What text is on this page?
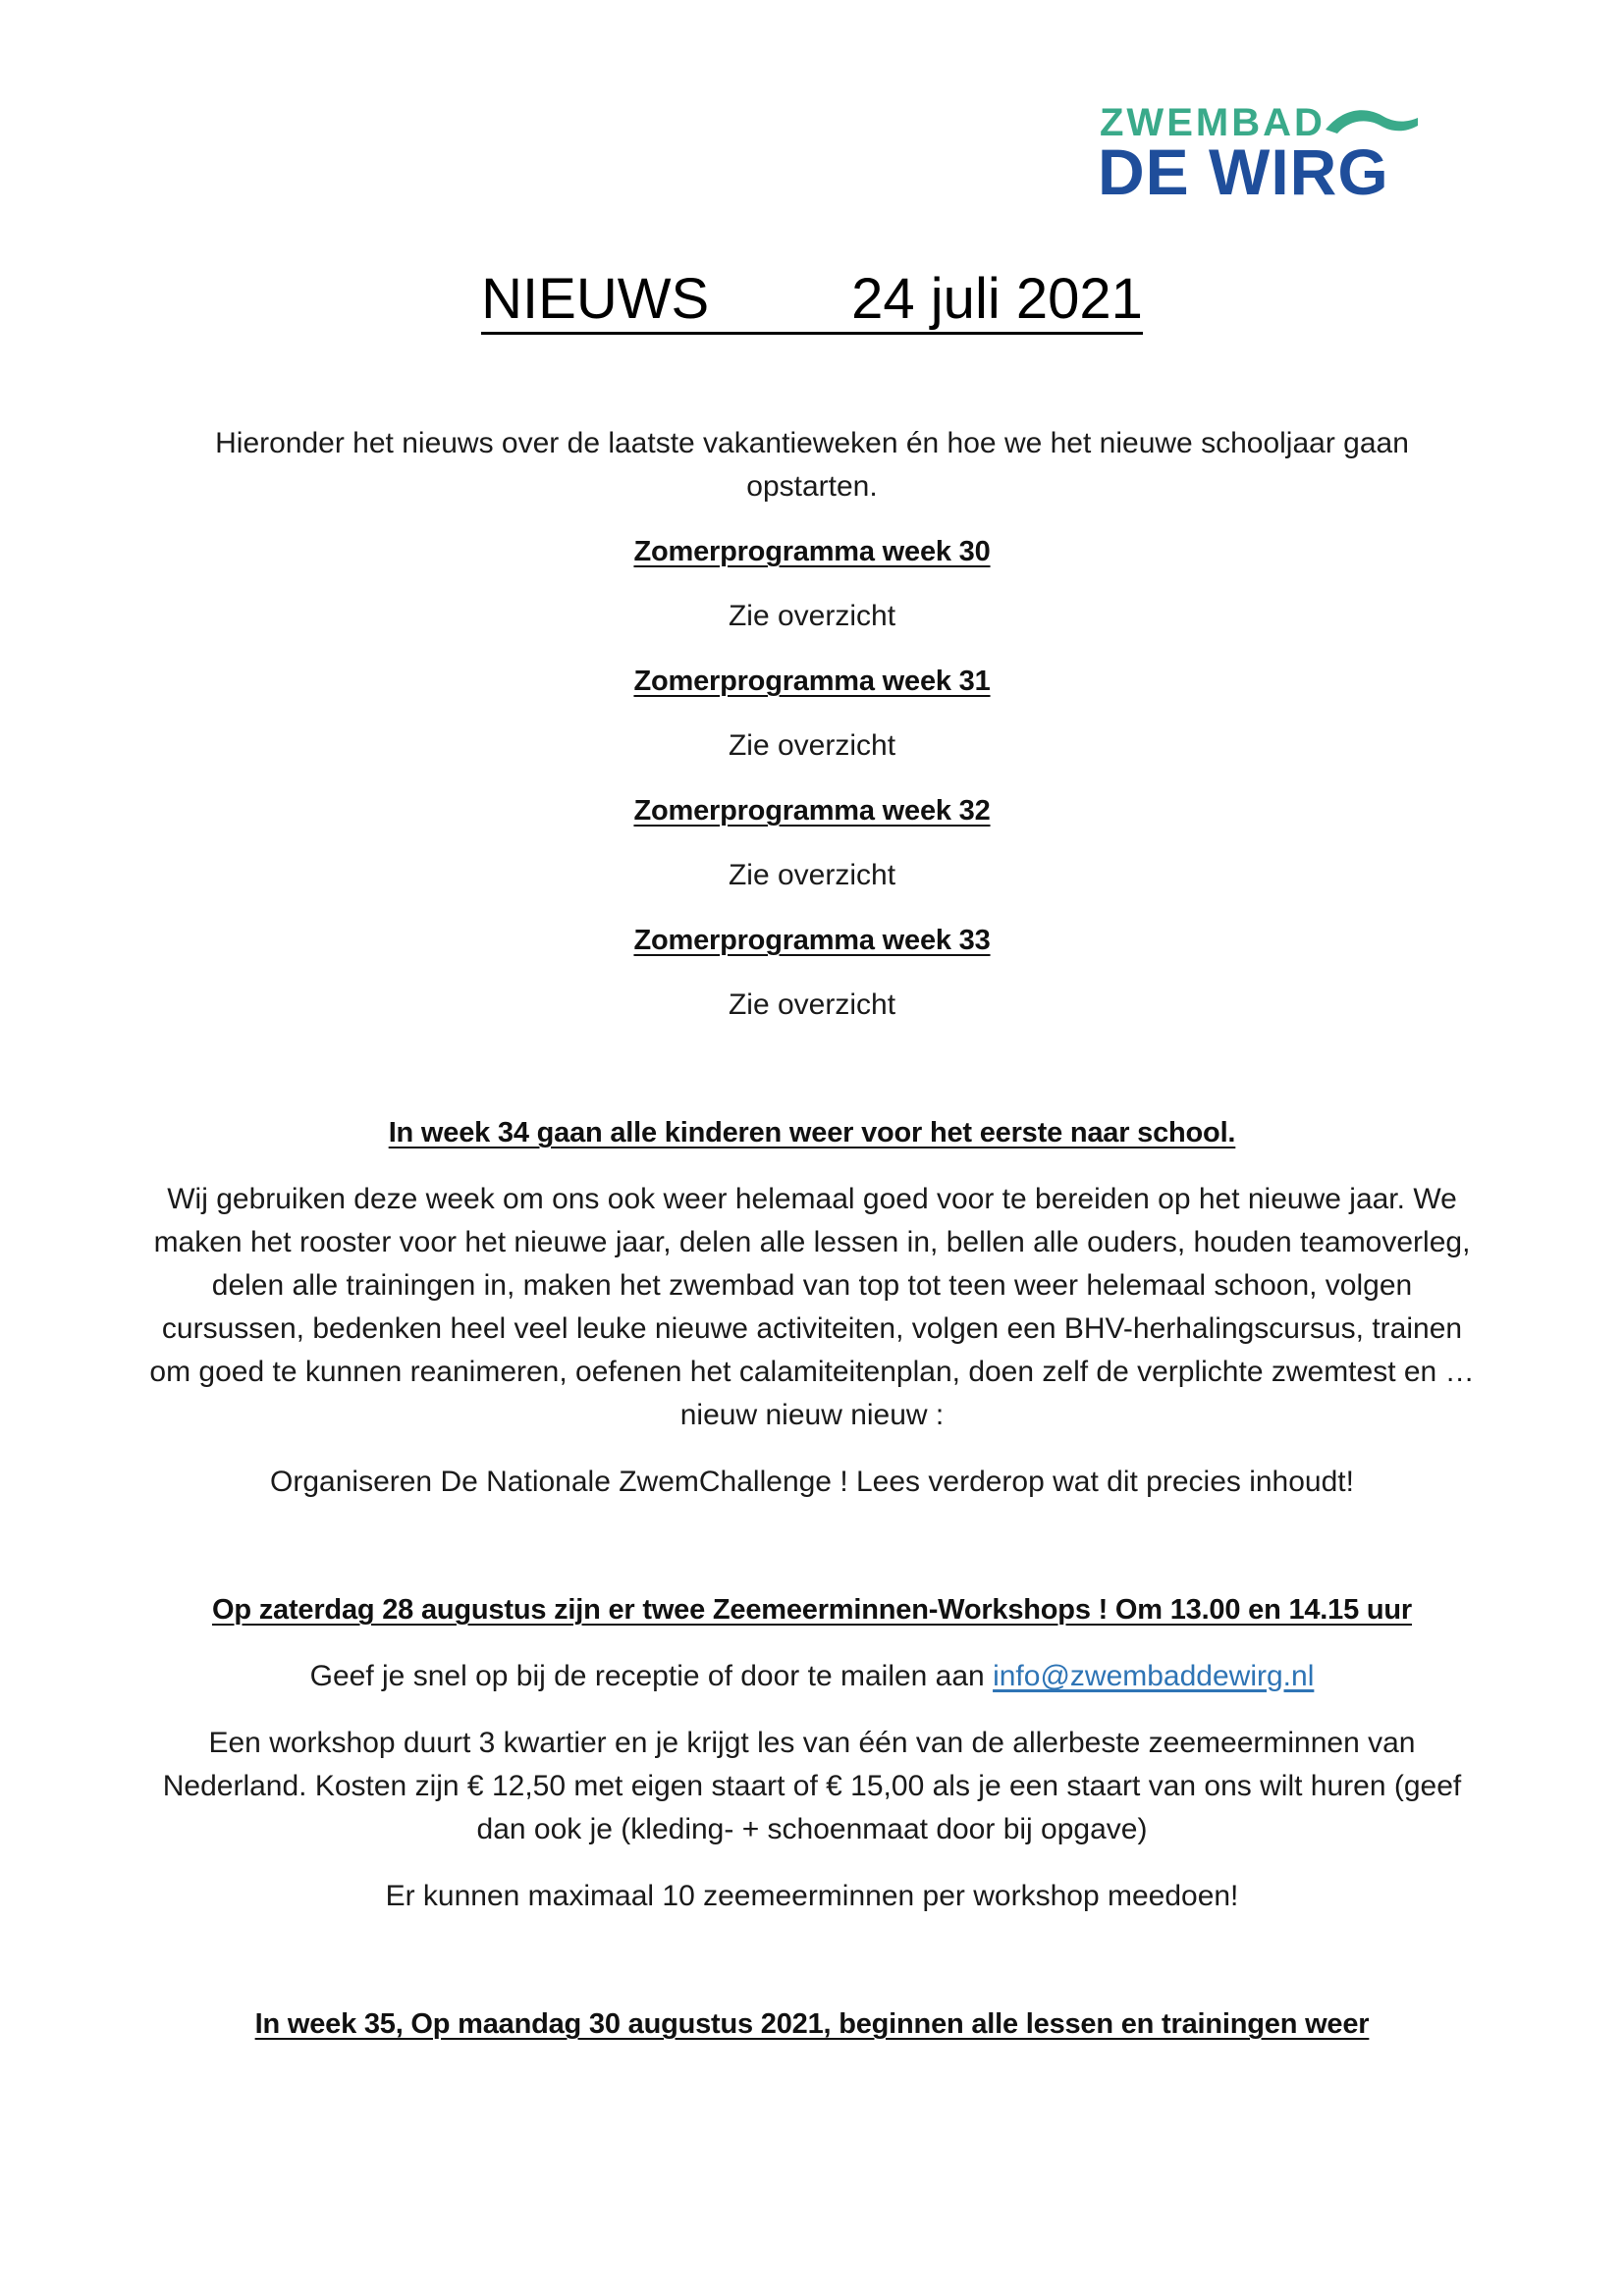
ZWEMBAD
DE WIRG
NIEUWS	24 juli 2021

Hieronder het nieuws over de laatste vakantieweken én hoe we het nieuwe schooljaar gaan opstarten.

Zomerprogramma week 30

Zie overzicht

Zomerprogramma week 31

Zie overzicht

Zomerprogramma week 32

Zie overzicht

Zomerprogramma week 33

Zie overzicht

In week 34 gaan alle kinderen weer voor het eerste naar school.

Wij gebruiken deze week om ons ook weer helemaal goed voor te bereiden op het nieuwe jaar. We maken het rooster voor het nieuwe jaar, delen alle lessen in, bellen alle ouders, houden teamoverleg, delen alle trainingen in, maken het zwembad van top tot teen weer helemaal schoon, volgen cursussen, bedenken heel veel leuke nieuwe activiteiten, volgen een BHV-herhalingscursus, trainen om goed te kunnen reanimeren, oefenen het calamiteitenplan, doen zelf de verplichte zwemtest en … nieuw nieuw nieuw :

Organiseren De Nationale ZwemChallenge ! Lees verderop wat dit precies inhoudt!

Op zaterdag 28 augustus zijn er twee Zeemeerminnen-Workshops ! Om 13.00 en 14.15 uur

Geef je snel op bij de receptie of door te mailen aan info@zwembaddewirg.nl

Een workshop duurt 3 kwartier en je krijgt les van één van de allerbeste zeemeerminnen van Nederland. Kosten zijn € 12,50 met eigen staart of € 15,00 als je een staart van ons wilt huren (geef dan ook je (kleding- + schoenmaat door bij opgave)

Er kunnen maximaal 10 zeemeerminnen per workshop meedoen!

In week 35, Op maandag 30 augustus 2021, beginnen alle lessen en trainingen weer
